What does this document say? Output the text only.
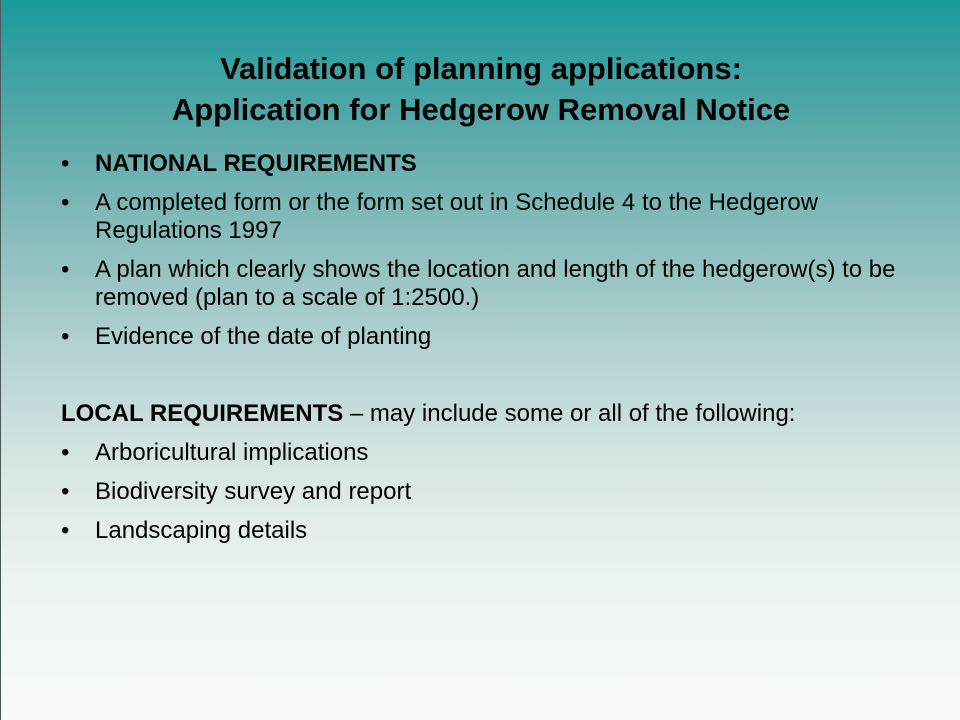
Validation of planning applications:
Application for Hedgerow Removal Notice
•	NATIONAL REQUIREMENTS
•	A completed form or the form set out in Schedule 4 to the Hedgerow Regulations 1997
•	A plan which clearly shows the location and length of the hedgerow(s) to be removed (plan to a scale of 1:2500.)
•	Evidence of the date of planting
LOCAL REQUIREMENTS – may include some or all of the following:
•	Arboricultural implications
•	Biodiversity survey and report
•	Landscaping details
